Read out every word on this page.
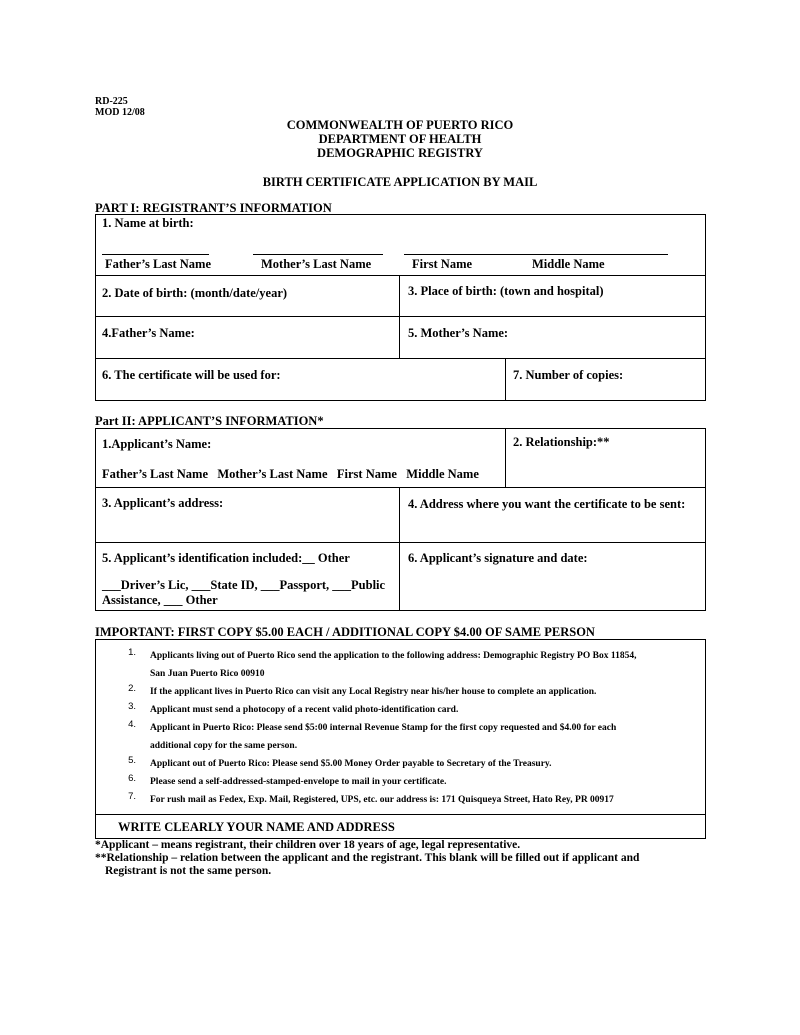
RD-225
MOD 12/08
COMMONWEALTH OF PUERTO RICO
DEPARTMENT OF HEALTH
DEMOGRAPHIC REGISTRY
BIRTH CERTIFICATE APPLICATION BY MAIL
PART I: REGISTRANT’S INFORMATION
1. Name at birth:
Father’s Last Name	Mother’s Last Name	First Name	Middle Name
2. Date of birth: (month/date/year)	3. Place of birth: (town and hospital)
4.Father’s Name:	5. Mother’s Name:
6. The certificate will be used for:	7. Number of copies:
Part II: APPLICANT’S INFORMATION*
1.Applicant’s Name:
Father’s Last Name   Mother’s Last Name   First Name   Middle Name
2. Relationship:**
3. Applicant’s address:	4. Address where you want the certificate to be sent:
5. Applicant’s identification included:__ Other
___Driver’s Lic, ___State ID, ___Passport, ___Public
Assistance, ___ Other
6. Applicant’s signature and date:
IMPORTANT: FIRST COPY $5.00 EACH / ADDITIONAL COPY $4.00 OF SAME PERSON
1. Applicants living out of Puerto Rico send the application to the following address: Demographic Registry PO Box 11854,
San Juan Puerto Rico 00910
2. If the applicant lives in Puerto Rico can visit any Local Registry near his/her house to complete an application.
3. Applicant must send a photocopy of a recent valid photo-identification card.
4. Applicant in Puerto Rico: Please send $5:00 internal Revenue Stamp for the first copy requested and $4.00 for each
additional copy for the same person.
5. Applicant out of Puerto Rico: Please send $5.00 Money Order payable to Secretary of the Treasury.
6. Please send a self-addressed-stamped-envelope to mail in your certificate.
7. For rush mail as Fedex, Exp. Mail, Registered, UPS, etc. our address is: 171 Quisqueya Street, Hato Rey, PR 00917
WRITE CLEARLY YOUR NAME AND ADDRESS
*Applicant – means registrant, their children over 18 years of age, legal representative.
**Relationship – relation between the applicant and the registrant. This blank will be filled out if applicant and
Registrant is not the same person.
